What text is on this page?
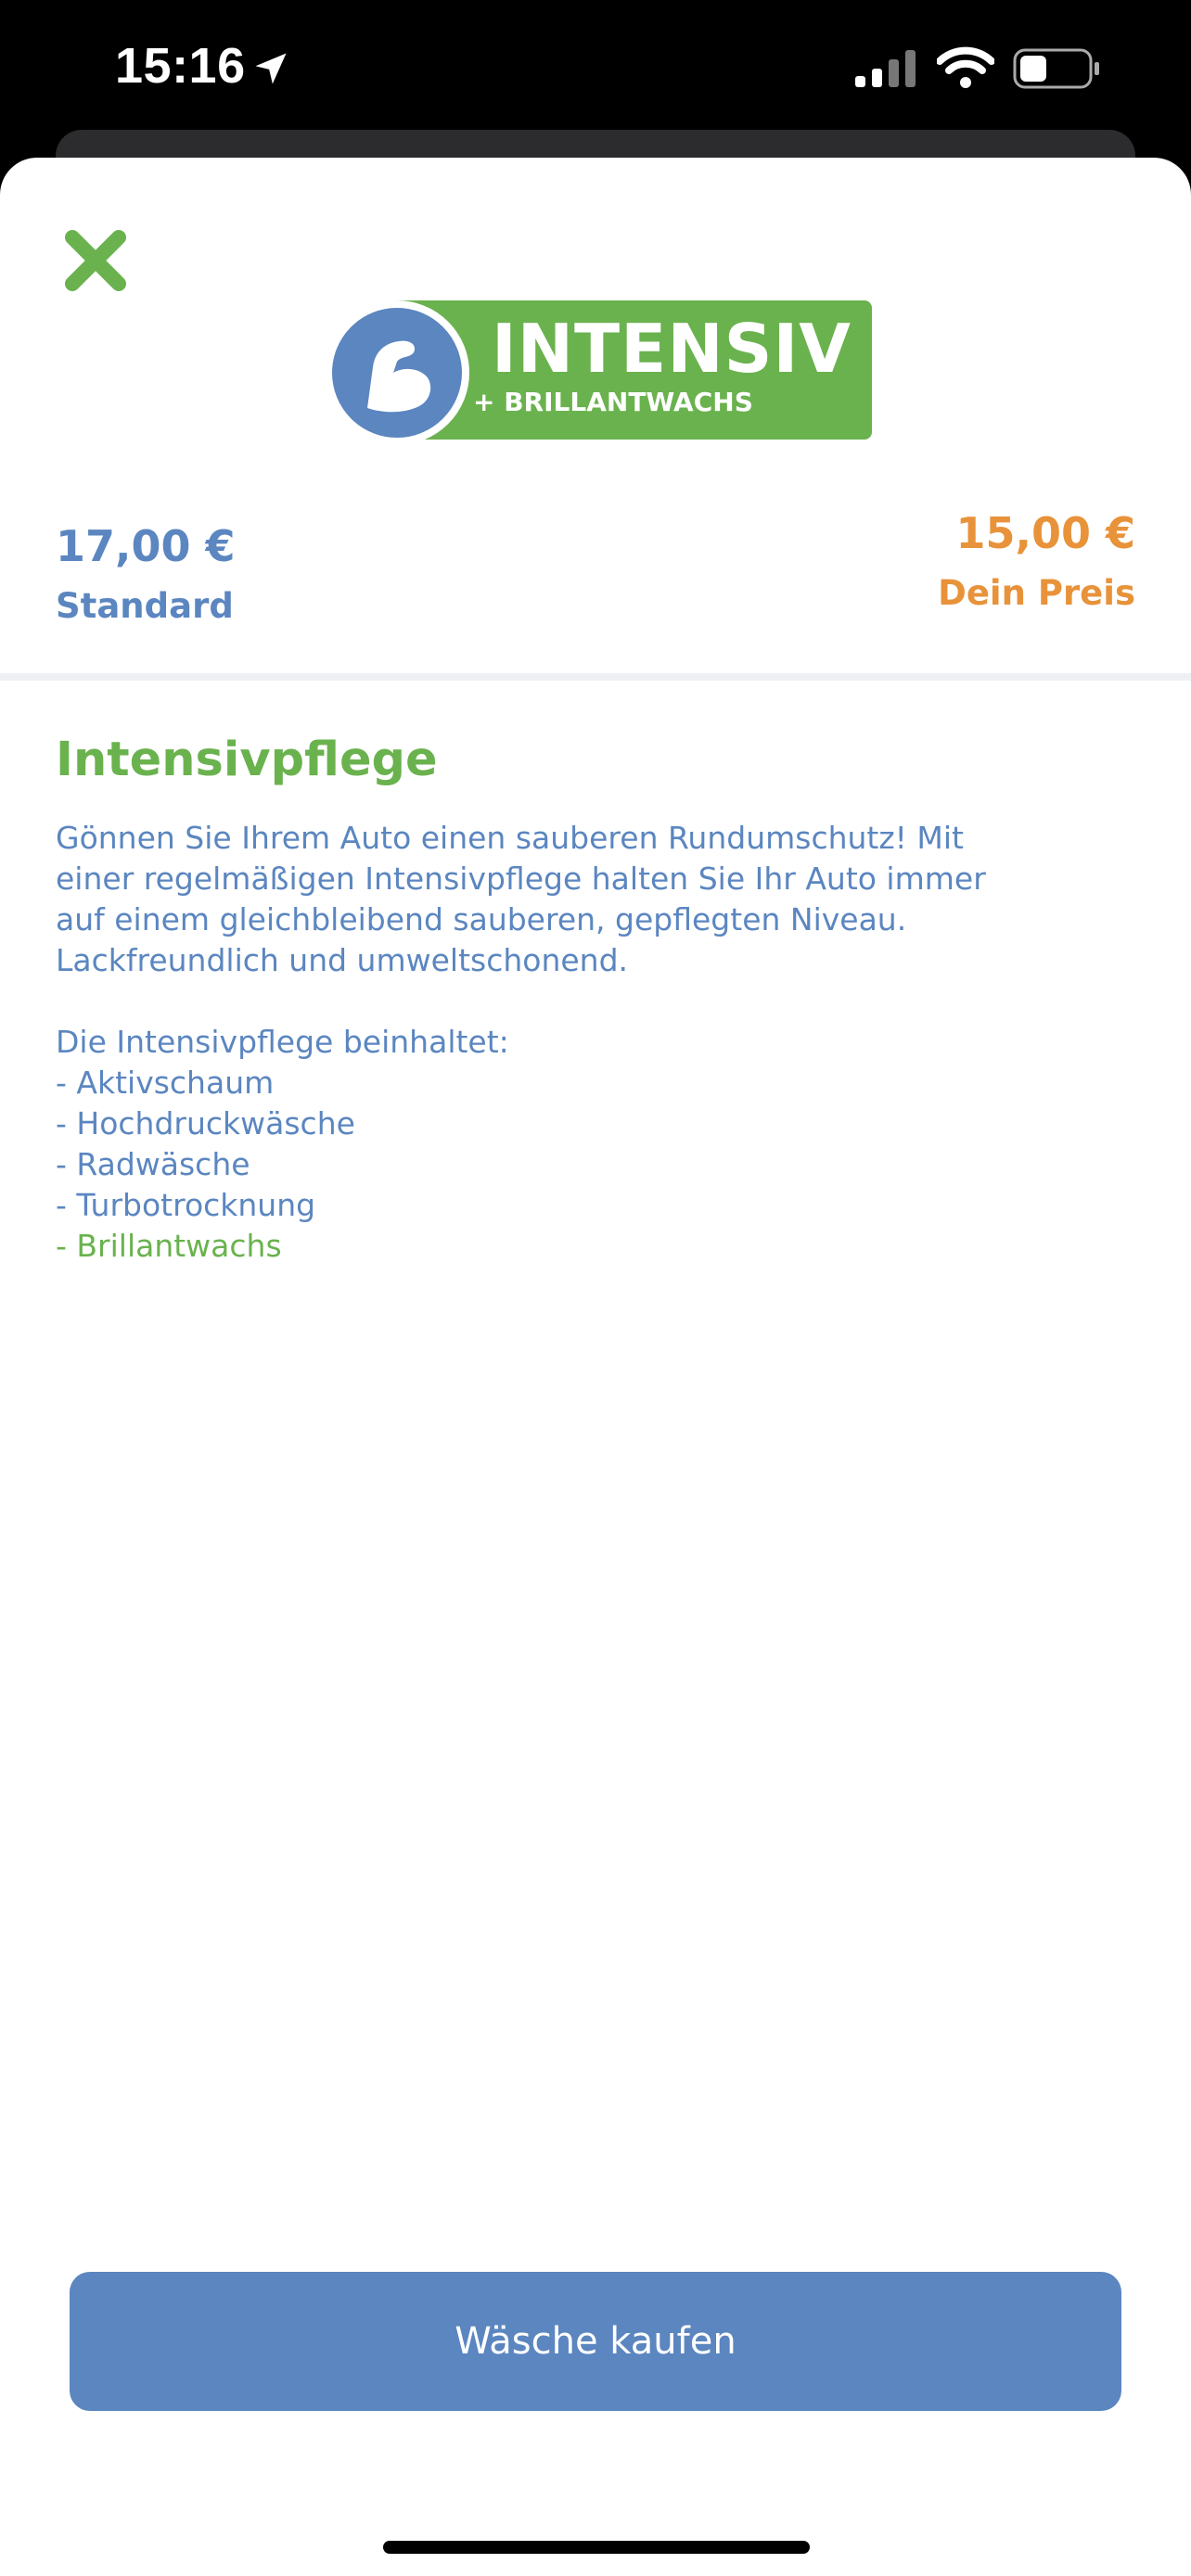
15:16
INTENSIV
+ BRILLANTWACHS
17,00 €
Standard
15,00 €
Dein Preis
Intensivpflege

Gönnen Sie Ihrem Auto einen sauberen Rundumschutz! Mit
einer regelmäßigen Intensivpflege halten Sie Ihr Auto immer
auf einem gleichbleibend sauberen, gepflegten Niveau.
Lackfreundlich und umweltschonend.

Die Intensivpflege beinhaltet:
- Aktivschaum
- Hochdruckwäsche
- Radwäsche
- Turbotrocknung
- Brillantwachs
Wäsche kaufen
